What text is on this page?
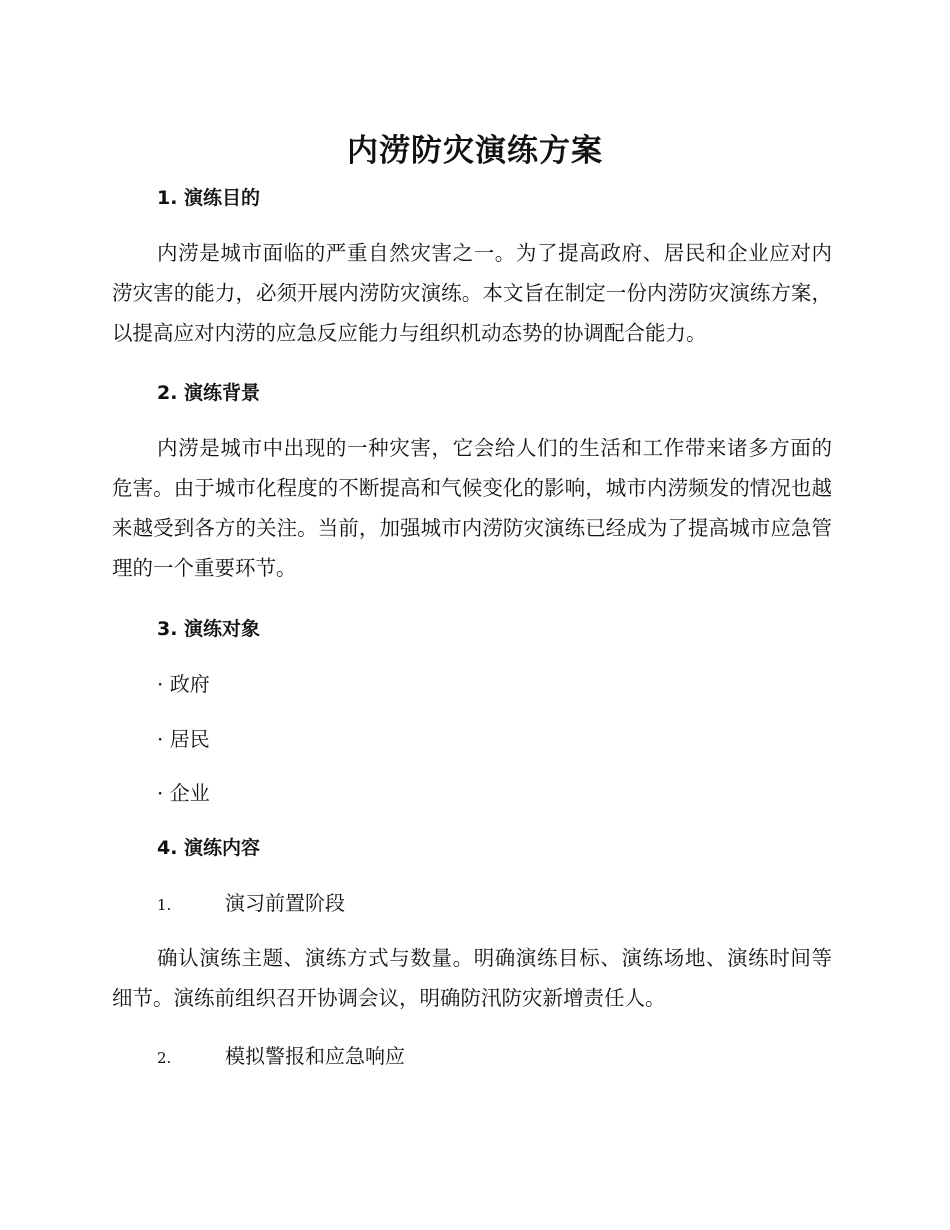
内涝防灾演练方案
1. 演练目的

内涝是城市面临的严重自然灾害之一。为了提高政府、居民和企业应对内涝灾害的能力，必须开展内涝防灾演练。本文旨在制定一份内涝防灾演练方案，以提高应对内涝的应急反应能力与组织机动态势的协调配合能力。

2. 演练背景

内涝是城市中出现的一种灾害，它会给人们的生活和工作带来诸多方面的危害。由于城市化程度的不断提高和气候变化的影响，城市内涝频发的情况也越来越受到各方的关注。当前，加强城市内涝防灾演练已经成为了提高城市应急管理的一个重要环节。

3. 演练对象

· 政府

· 居民

· 企业

4. 演练内容

1.	演习前置阶段

确认演练主题、演练方式与数量。明确演练目标、演练场地、演练时间等细节。演练前组织召开协调会议，明确防汛防灾新增责任人。

2.	模拟警报和应急响应
